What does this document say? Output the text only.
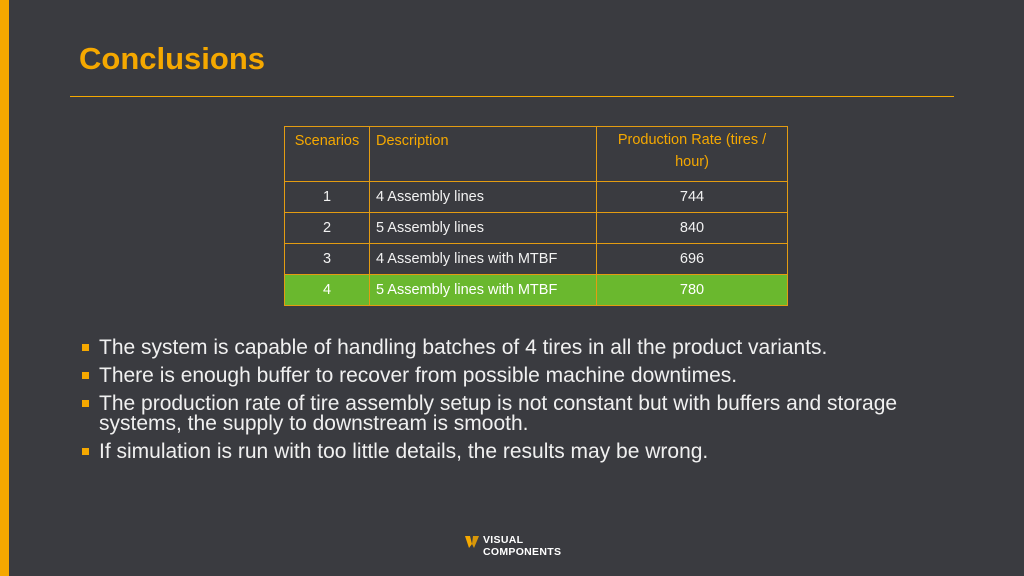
Conclusions
Scenarios	Description	Production Rate (tires / hour)
1	4 Assembly lines	744
2	5 Assembly lines	840
3	4 Assembly lines with MTBF	696
4	5 Assembly lines with MTBF	780
The system is capable of handling batches of 4 tires in all the product variants.
There is enough buffer to recover from possible machine downtimes.
The production rate of tire assembly setup is not constant but with buffers and storage systems, the supply to downstream is smooth.
If simulation is run with too little details, the results may be wrong.
VISUAL
COMPONENTS
